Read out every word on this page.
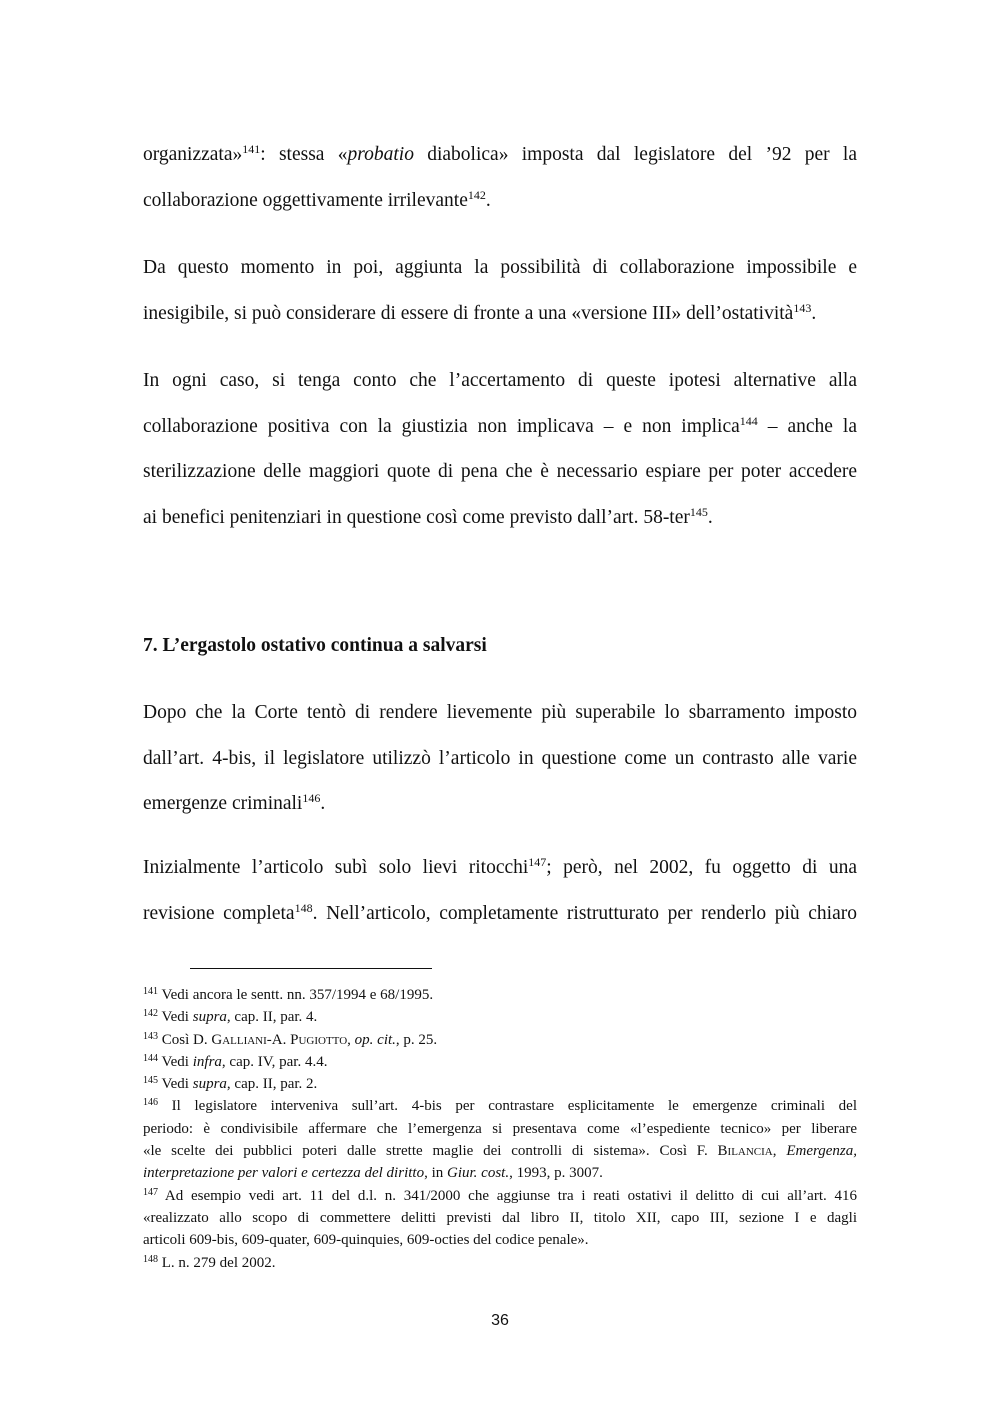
organizzata»$^{141}$: stessa «probatio diabolica» imposta dal legislatore del ’92 per la
collaborazione oggettivamente irrilevante$^{142}$.
Da questo momento in poi, aggiunta la possibilità di collaborazione impossibile e
inesigibile, si può considerare di essere di fronte a una «versione III» dell’ostatività$^{143}$.
In ogni caso, si tenga conto che l’accertamento di queste ipotesi alternative alla
collaborazione positiva con la giustizia non implicava – e non implica$^{144}$ – anche la
sterilizzazione delle maggiori quote di pena che è necessario espiare per poter accedere
ai benefici penitenziari in questione così come previsto dall’art. 58-ter$^{145}$.
7. L’ergastolo ostativo continua a salvarsi
Dopo che la Corte tentò di rendere lievemente più superabile lo sbarramento imposto
dall’art. 4-bis, il legislatore utilizzò l’articolo in questione come un contrasto alle varie
emergenze criminali$^{146}$.
Inizialmente l’articolo subì solo lievi ritocchi$^{147}$; però, nel 2002, fu oggetto di una
revisione completa$^{148}$. Nell’articolo, completamente ristrutturato per renderlo più chiaro
$^{141}$ Vedi ancora le sentt. nn. 357/1994 e 68/1995.
$^{142}$ Vedi supra, cap. II, par. 4.
$^{143}$ Così D. Galliani-A. Pugiotto, op. cit., p. 25.
$^{144}$ Vedi infra, cap. IV, par. 4.4.
$^{145}$ Vedi supra, cap. II, par. 2.
$^{146}$ Il legislatore interveniva sull’art. 4-bis per contrastare esplicitamente le emergenze criminali del
periodo: è condivisibile affermare che l’emergenza si presentava come «l’espediente tecnico» per liberare
«le scelte dei pubblici poteri dalle strette maglie dei controlli di sistema». Così F. Bilancia, Emergenza,
interpretazione per valori e certezza del diritto, in Giur. cost., 1993, p. 3007.
$^{147}$ Ad esempio vedi art. 11 del d.l. n. 341/2000 che aggiunse tra i reati ostativi il delitto di cui all’art. 416
«realizzato allo scopo di commettere delitti previsti dal libro II, titolo XII, capo III, sezione I e dagli
articoli 609-bis, 609-quater, 609-quinquies, 609-octies del codice penale».
$^{148}$ L. n. 279 del 2002.
36
